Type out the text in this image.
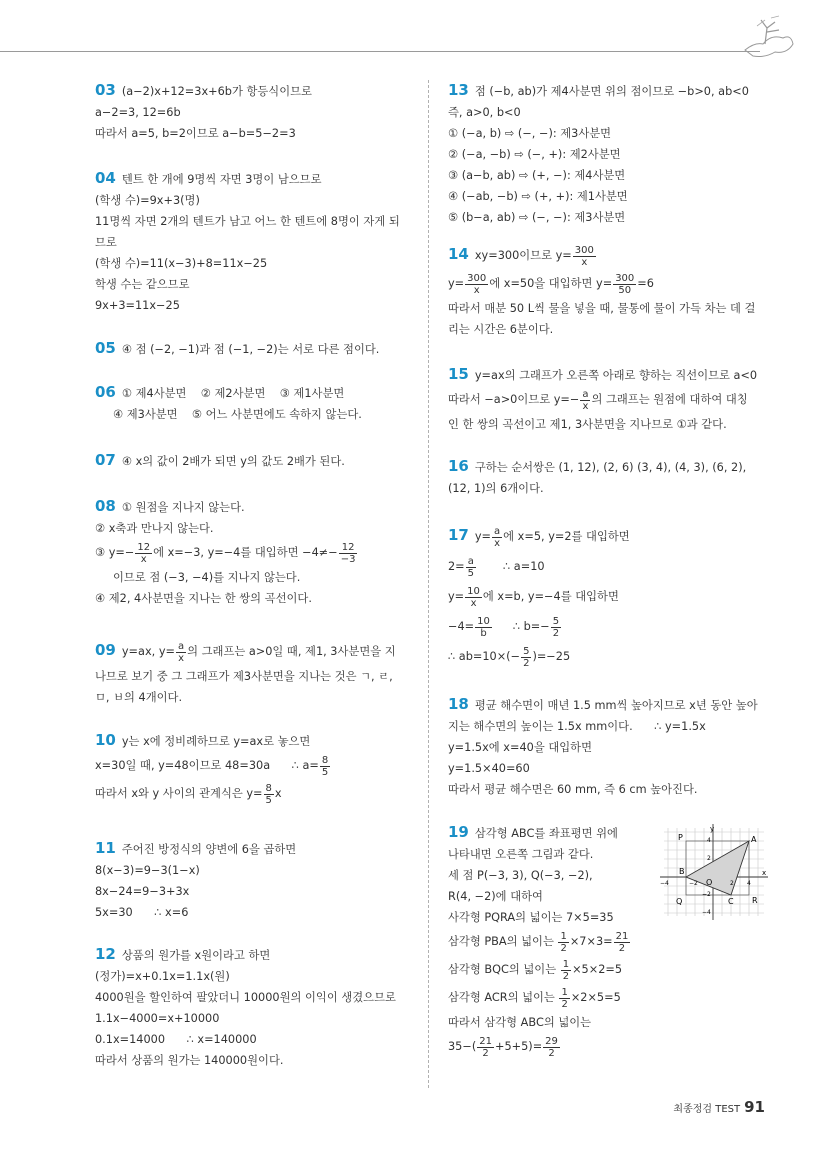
03 (a−2)x+12=3x+6b가 항등식이므로
a−2=3, 12=6b
따라서 a=5, b=2이므로 a−b=5−2=3
04 텐트 한 개에 9명씩 자면 3명이 남으므로
(학생 수)=9x+3(명)
11명씩 자면 2개의 텐트가 남고 어느 한 텐트에 8명이 자게 되
므로
(학생 수)=11(x−3)+8=11x−25
학생 수는 같으므로
9x+3=11x−25
05 ④ 점 (−2, −1)과 점 (−1, −2)는 서로 다른 점이다.
06 ① 제4사분면    ② 제2사분면    ③ 제1사분면
④ 제3사분면    ⑤ 어느 사분면에도 속하지 않는다.
07 ④ x의 값이 2배가 되면 y의 값도 2배가 된다.
08 ① 원점을 지나지 않는다.
② x축과 만나지 않는다.
③ $y=- \frac{12}{x}$ 에 x=−3, y=−4를 대입하면 $-4\ne- \frac{12}{-3}$
이므로 점 (−3, −4)를 지나지 않는다.
④ 제2, 4사분면을 지나는 한 쌍의 곡선이다.
09 y=ax, $y= \frac{a}{x}$ 의 그래프는 a>0일 때, 제1, 3사분면을 지
나므로 보기 중 그 그래프가 제3사분면을 지나는 것은 ㄱ, ㄹ,
ㅁ, ㅂ의 4개이다.
10 y는 x에 정비례하므로 y=ax로 놓으면
x=30일 때, y=48이므로 48=30a      ∴ $a= \frac{8}{5}$
따라서 x와 y 사이의 관계식은 $y= \frac{8}{5}$ x
11 주어진 방정식의 양변에 6을 곱하면
8(x−3)=9−3(1−x)
8x−24=9−3+3x
5x=30      ∴ x=6
12 상품의 원가를 x원이라고 하면
(정가)=x+0.1x=1.1x(원)
4000원을 할인하여 팔았더니 10000원의 이익이 생겼으므로
1.1x−4000=x+10000
0.1x=14000      ∴ x=140000
따라서 상품의 원가는 140000원이다.
13 점 (−b, ab)가 제4사분면 위의 점이므로 −b>0, ab<0
즉, a>0, b<0
① (−a, b) ⇨ (−, −): 제3사분면
② (−a, −b) ⇨ (−, +): 제2사분면
③ (a−b, ab) ⇨ (+, −): 제4사분면
④ (−ab, −b) ⇨ (+, +): 제1사분면
⑤ (b−a, ab) ⇨ (−, −): 제3사분면
14 xy=300이므로 $y= \frac{300}{x}$
$y= \frac{300}{x}$ 에 x=50을 대입하면 $y= \frac{300}{50} =6$
따라서 매분 50 L씩 물을 넣을 때, 물통에 물이 가득 차는 데 걸
리는 시간은 6분이다.
15 y=ax의 그래프가 오른쪽 아래로 향하는 직선이므로 a<0
따라서 −a>0이므로 $y=- \frac{a}{x}$ 의 그래프는 원점에 대하여 대칭
인 한 쌍의 곡선이고 제1, 3사분면을 지나므로 ①과 같다.
16 구하는 순서쌍은 (1, 12), (2, 6) (3, 4), (4, 3), (6, 2),
(12, 1)의 6개이다.
17 $y= \frac{a}{x}$ 에 x=5, y=2를 대입하면
$2= \frac{a}{5}$ ∴ a=10
$y= \frac{10}{x}$ 에 x=b, y=−4를 대입하면
$-4= \frac{10}{b}$ ∴ $b=- \frac{5}{2}$
∴ $ab=10\times(- \frac{5}{2} )=-25$
18 평균 해수면이 매년 1.5 mm씩 높아지므로 x년 동안 높아
지는 해수면의 높이는 1.5x mm이다.      ∴ y=1.5x
y=1.5x에 x=40을 대입하면
y=1.5×40=60
따라서 평균 해수면은 60 mm, 즉 6 cm 높아진다.
19 삼각형 ABC를 좌표평면 위에
나타내면 오른쪽 그림과 같다.
세 점 P(−3, 3), Q(−3, −2),
R(4, −2)에 대하여
사각형 PQRA의 넓이는 7×5=35
삼각형 PBA의 넓이는 $\frac{1}{2} \times 7\times 3= \frac{21}{2}$
삼각형 BQC의 넓이는 $\frac{1}{2} \times 5\times 2=5$
삼각형 ACR의 넓이는 $\frac{1}{2} \times 2\times 5=5$
따라서 삼각형 ABC의 넓이는
$35-( \frac{21}{2} +5+5)= \frac{29}{2}$
y
x
A
B
C
P
Q	R
O
4
2
−2
−4
−4	−2	2 4
최종정검 TEST 91
